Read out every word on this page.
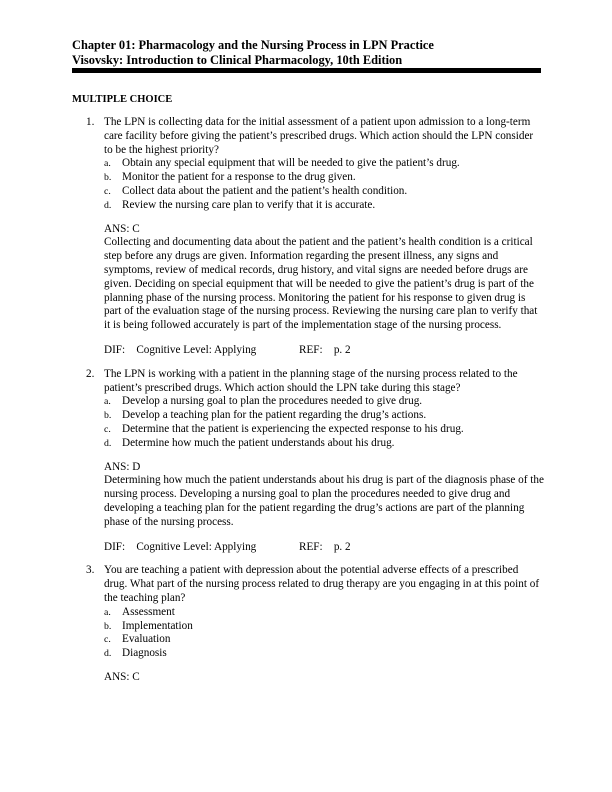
Chapter 01: Pharmacology and the Nursing Process in LPN Practice
Visovsky: Introduction to Clinical Pharmacology, 10th Edition
MULTIPLE CHOICE
1. The LPN is collecting data for the initial assessment of a patient upon admission to a long-term care facility before giving the patient’s prescribed drugs. Which action should the LPN consider to be the highest priority?
a. Obtain any special equipment that will be needed to give the patient’s drug.
b. Monitor the patient for a response to the drug given.
c. Collect data about the patient and the patient’s health condition.
d. Review the nursing care plan to verify that it is accurate.
ANS: C
Collecting and documenting data about the patient and the patient’s health condition is a critical step before any drugs are given. Information regarding the present illness, any signs and symptoms, review of medical records, drug history, and vital signs are needed before drugs are given. Deciding on special equipment that will be needed to give the patient’s drug is part of the planning phase of the nursing process. Monitoring the patient for his response to given drug is part of the evaluation stage of the nursing process. Reviewing the nursing care plan to verify that it is being followed accurately is part of the implementation stage of the nursing process.
DIF:    Cognitive Level: Applying	REF:    p. 2
2. The LPN is working with a patient in the planning stage of the nursing process related to the patient’s prescribed drugs. Which action should the LPN take during this stage?
a. Develop a nursing goal to plan the procedures needed to give drug.
b. Develop a teaching plan for the patient regarding the drug’s actions.
c. Determine that the patient is experiencing the expected response to his drug.
d. Determine how much the patient understands about his drug.
ANS: D
Determining how much the patient understands about his drug is part of the diagnosis phase of the nursing process. Developing a nursing goal to plan the procedures needed to give drug and developing a teaching plan for the patient regarding the drug’s actions are part of the planning phase of the nursing process.
DIF:    Cognitive Level: Applying	REF:    p. 2
3. You are teaching a patient with depression about the potential adverse effects of a prescribed drug. What part of the nursing process related to drug therapy are you engaging in at this point of the teaching plan?
a. Assessment
b. Implementation
c. Evaluation
d. Diagnosis
ANS: C
